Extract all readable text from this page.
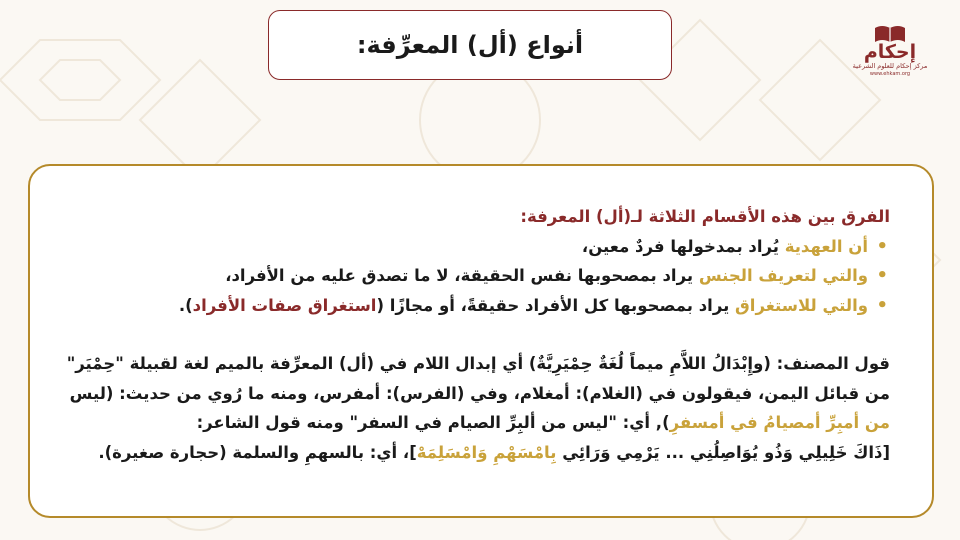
أنواع (أل) المعرِّفة:	إحكام
مركز إحكام للعلوم الشرعية
www.ehkam.org

الفرق بين هذه الأقسام الثلاثة لـ(أل) المعرفة:

•
أن العهدية يُراد بمدخولها فردٌ معين،
•
والتي لتعريف الجنس يراد بمصحوبها نفس الحقيقة، لا ما تصدق عليه من الأفراد،
•
والتي للاستغراق يراد بمصحوبها كل الأفراد حقيقةً، أو مجازًا (استغراق صفات الأفراد).

قول المصنف: (وإِبْدَالُ اللاَّمِ ميماً لُغَةٌ حِمْيَرِيَّةٌ) أي إبدال اللام في (أل) المعرِّفة بالميم لغة لقبيلة "حِمْيَر"

من قبائل اليمن، فيقولون في (الغلام): أمغلام، وفي (الفرس): أمفرس، ومنه ما رُوي من حديث: (ليس

من أمبِرِّ أمصيامُ في أمسفرِ), أي: "ليس من ألبِرِّ الصيام في السفر" ومنه قول الشاعر:

[ذَاكَ خَلِيلِي وَذُو يُوَاصِلُنِي ... يَرْمِي وَرَائِي بِامْسَهْمِ وَامْسَلِمَهْ]، أي: بالسهمِ والسلمة (حجارة صغيرة).
